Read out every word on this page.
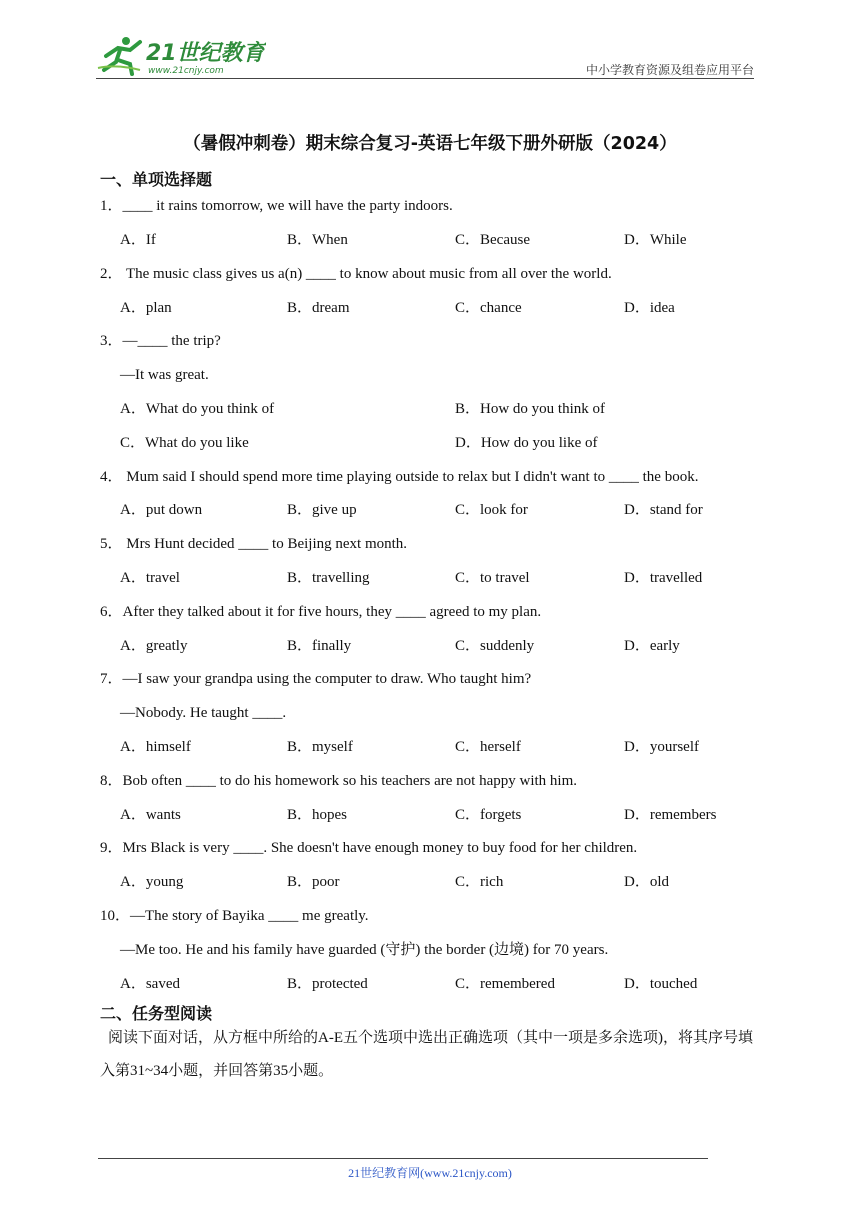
21世纪教育
www.21cnjy.com	中小学教育资源及组卷应用平台
（暑假冲刺卷）期末综合复习-英语七年级下册外研版（2024）
一、单项选择题
1．____ it rains tomorrow, we will have the party indoors.
A．If	B．When	C．Because	D．While
2． The music class gives us a(n) ____ to know about music from all over the world.
A．plan	B．dream	C．chance	D．idea
3．—____ the trip?
—It was great.
A．What do you think of	B．How do you think of
C．What do you like	D．How do you like of
4． Mum said I should spend more time playing outside to relax but I didn't want to ____ the book.
A．put down	B．give up	C．look for	D．stand for
5． Mrs Hunt decided ____ to Beijing next month.
A．travel	B．travelling	C．to travel	D．travelled
6．After they talked about it for five hours, they ____ agreed to my plan.
A．greatly	B．finally	C．suddenly	D．early
7．—I saw your grandpa using the computer to draw. Who taught him?
—Nobody. He taught ____.
A．himself	B．myself	C．herself	D．yourself
8．Bob often ____ to do his homework so his teachers are not happy with him.
A．wants	B．hopes	C．forgets	D．remembers
9．Mrs Black is very ____. She doesn't have enough money to buy food for her children.
A．young	B．poor	C．rich	D．old
10．—The story of Bayika ____ me greatly.
—Me too. He and his family have guarded (守护) the border (边境) for 70 years.
A．saved	B．protected	C．remembered	D．touched
二、任务型阅读
阅读下面对话，从方框中所给的A-E五个选项中选出正确选项（其中一项是多余选项)，将其序号填入第31~34小题，并回答第35小题。
21世纪教育网(www.21cnjy.com)
